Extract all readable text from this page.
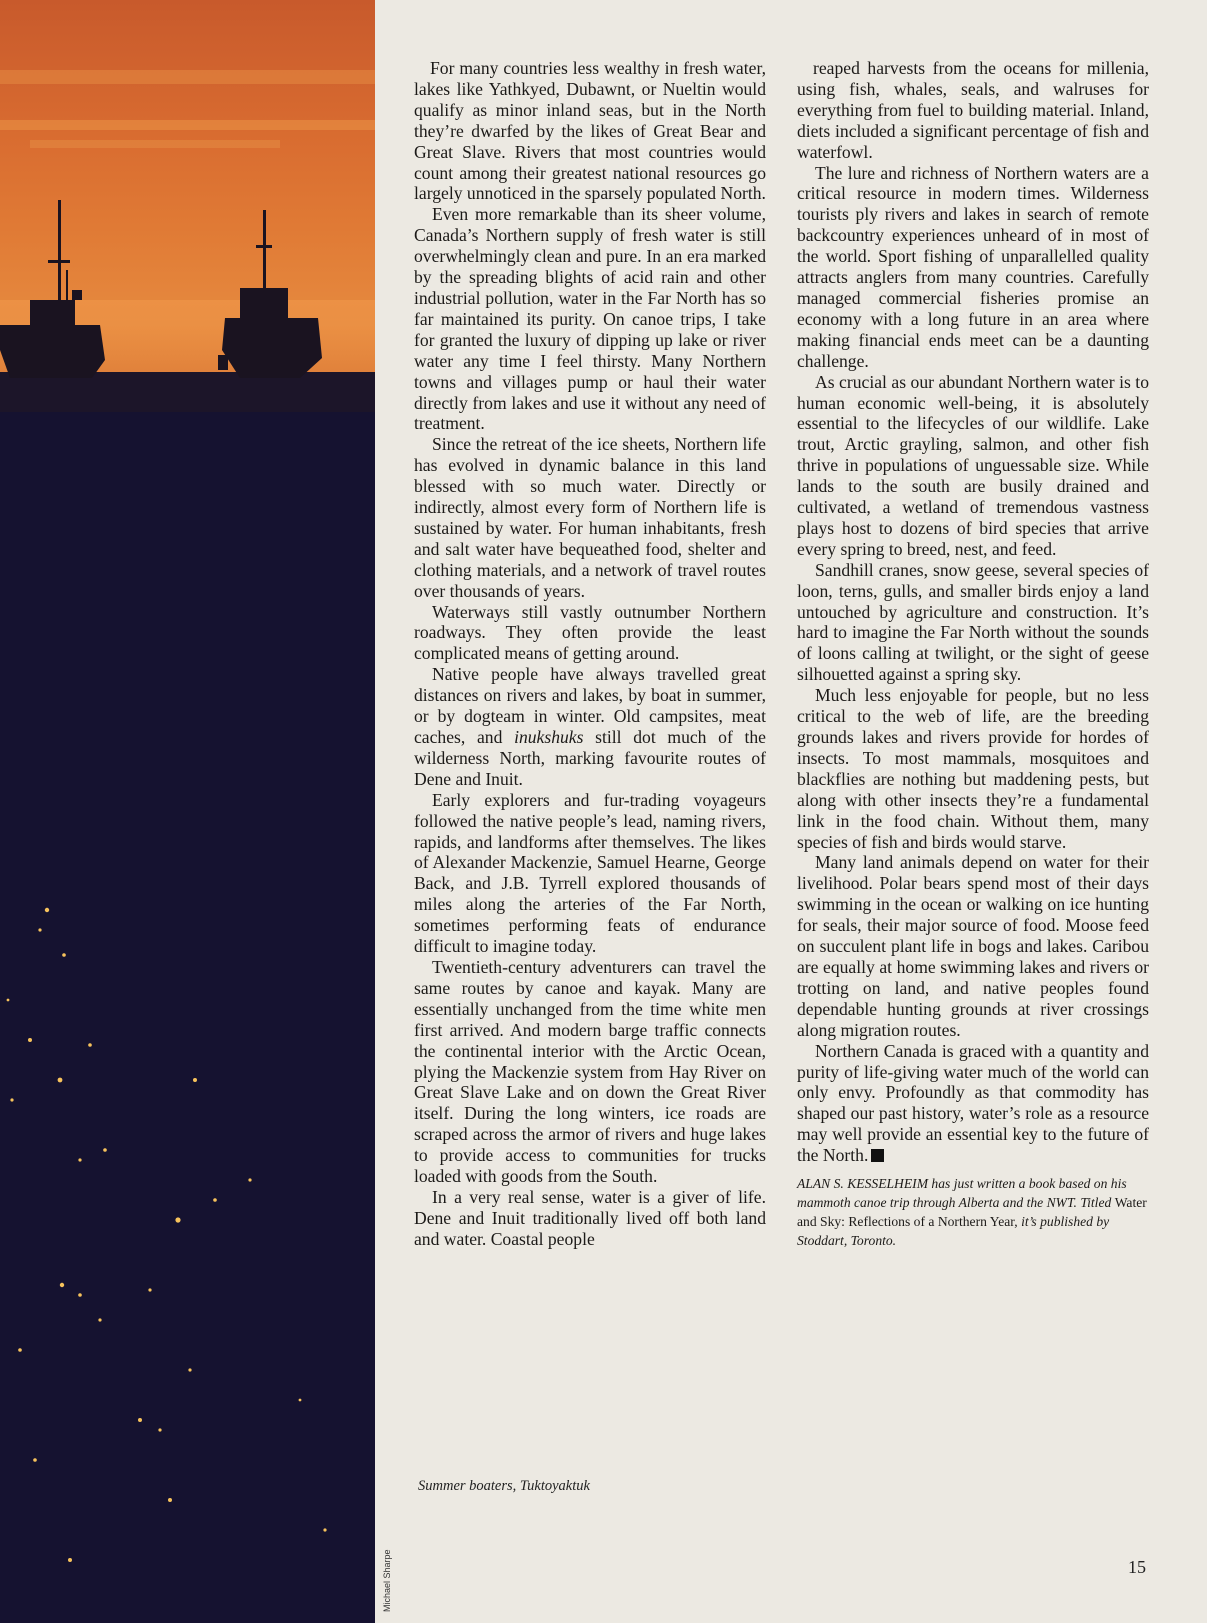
Michael Sharpe

For many countries less wealthy in fresh water, lakes like Yathkyed, Dubawnt, or Nueltin would qualify as minor inland seas, but in the North they’re dwarfed by the likes of Great Bear and Great Slave. Rivers that most countries would count among their greatest national resources go largely unnoticed in the sparsely populated North.

Even more remarkable than its sheer volume, Canada’s Northern supply of fresh water is still overwhelmingly clean and pure. In an era marked by the spreading blights of acid rain and other industrial pollution, water in the Far North has so far maintained its purity. On canoe trips, I take for granted the luxury of dipping up lake or river water any time I feel thirsty. Many Northern towns and villages pump or haul their water directly from lakes and use it without any need of treatment.

Since the retreat of the ice sheets, Northern life has evolved in dynamic balance in this land blessed with so much water. Directly or indirectly, almost every form of Northern life is sustained by water. For human inhabitants, fresh and salt water have bequeathed food, shelter and clothing materials, and a network of travel routes over thousands of years.

Waterways still vastly outnumber Northern roadways. They often provide the least complicated means of getting around.

Native people have always travelled great distances on rivers and lakes, by boat in summer, or by dogteam in winter. Old campsites, meat caches, and inukshuks still dot much of the wilderness North, marking favourite routes of Dene and Inuit.

Early explorers and fur-trading voyageurs followed the native people’s lead, naming rivers, rapids, and landforms after themselves. The likes of Alexander Mackenzie, Samuel Hearne, George Back, and J.B. Tyrrell explored thousands of miles along the arteries of the Far North, sometimes performing feats of endurance difficult to imagine today.

Twentieth-century adventurers can travel the same routes by canoe and kayak. Many are essentially unchanged from the time white men first arrived. And modern barge traffic connects the continental interior with the Arctic Ocean, plying the Mackenzie system from Hay River on Great Slave Lake and on down the Great River itself. During the long winters, ice roads are scraped across the armor of rivers and huge lakes to provide access to communities for trucks loaded with goods from the South.

In a very real sense, water is a giver of life. Dene and Inuit traditionally lived off both land and water. Coastal people

reaped harvests from the oceans for millenia, using fish, whales, seals, and walruses for everything from fuel to building material. Inland, diets included a significant percentage of fish and waterfowl.

The lure and richness of Northern waters are a critical resource in modern times. Wilderness tourists ply rivers and lakes in search of remote backcountry experiences unheard of in most of the world. Sport fishing of unparallelled quality attracts anglers from many countries. Carefully managed commercial fisheries promise an economy with a long future in an area where making financial ends meet can be a daunting challenge.

As crucial as our abundant Northern water is to human economic well-being, it is absolutely essential to the lifecycles of our wildlife. Lake trout, Arctic grayling, salmon, and other fish thrive in populations of unguessable size. While lands to the south are busily drained and cultivated, a wetland of tremendous vastness plays host to dozens of bird species that arrive every spring to breed, nest, and feed.

Sandhill cranes, snow geese, several species of loon, terns, gulls, and smaller birds enjoy a land untouched by agriculture and construction. It’s hard to imagine the Far North without the sounds of loons calling at twilight, or the sight of geese silhouetted against a spring sky.

Much less enjoyable for people, but no less critical to the web of life, are the breeding grounds lakes and rivers provide for hordes of insects. To most mammals, mosquitoes and blackflies are nothing but maddening pests, but along with other insects they’re a fundamental link in the food chain. Without them, many species of fish and birds would starve.

Many land animals depend on water for their livelihood. Polar bears spend most of their days swimming in the ocean or walking on ice hunting for seals, their major source of food. Moose feed on succulent plant life in bogs and lakes. Caribou are equally at home swimming lakes and rivers or trotting on land, and native peoples found dependable hunting grounds at river crossings along migration routes.

Northern Canada is graced with a quantity and purity of life-giving water much of the world can only envy. Profoundly as that commodity has shaped our past history, water’s role as a resource may well provide an essential key to the future of the North.

ALAN S. KESSELHEIM has just written a book based on his mammoth canoe trip through Alberta and the NWT. Titled Water and Sky: Reflections of a Northern Year, it’s published by Stoddart, Toronto.
Summer boaters, Tuktoyaktuk
15
